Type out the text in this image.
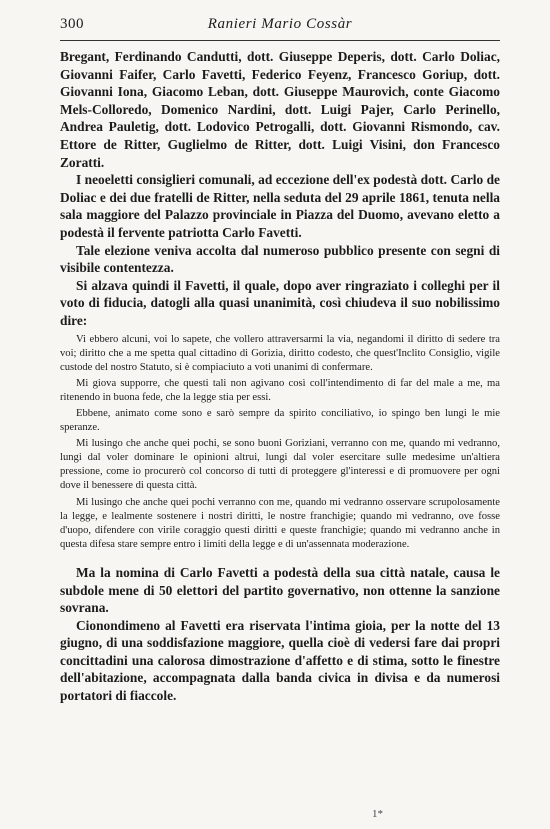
300	Ranieri Mario Cossàr

Bregant, Ferdinando Candutti, dott. Giuseppe Deperis, dott. Carlo Doliac, Giovanni Faifer, Carlo Favetti, Federico Feyenz, Francesco Goriup, dott. Giovanni Iona, Giacomo Leban, dott. Giuseppe Maurovich, conte Giacomo Mels-Colloredo, Domenico Nardini, dott. Luigi Pajer, Carlo Perinello, Andrea Pauletig, dott. Lodovico Petrogalli, dott. Giovanni Rismondo, cav. Ettore de Ritter, Guglielmo de Ritter, dott. Luigi Visini, don Francesco Zoratti.

I neoeletti consiglieri comunali, ad eccezione dell'ex podestà dott. Carlo de Doliac e dei due fratelli de Ritter, nella seduta del 29 aprile 1861, tenuta nella sala maggiore del Palazzo provinciale in Piazza del Duomo, avevano eletto a podestà il fervente patriotta Carlo Favetti.

Tale elezione veniva accolta dal numeroso pubblico presente con segni di visibile contentezza.

Si alzava quindi il Favetti, il quale, dopo aver ringraziato i colleghi per il voto di fiducia, datogli alla quasi unanimità, così chiudeva il suo nobilissimo dire:

Vi ebbero alcuni, voi lo sapete, che vollero attraversarmi la via, negandomi il diritto di sedere tra voi; diritto che a me spetta qual cittadino di Gorizia, diritto codesto, che quest'Inclito Consiglio, vigile custode del nostro Statuto, si è compiaciuto a voti unanimi di confermare.

Mi giova supporre, che questi tali non agivano così coll'intendimento di far del male a me, ma ritenendo in buona fede, che la legge stia per essi.

Ebbene, animato come sono e sarò sempre da spirito conciliativo, io spingo ben lungi le mie speranze.

Mi lusingo che anche quei pochi, se sono buoni Goriziani, verranno con me, quando mi vedranno, lungi dal voler dominare le opinioni altrui, lungi dal voler esercitare sulle medesime un'altiera pressione, come io procurerò col concorso di tutti di proteggere gl'interessi e di promuovere per ogni dove il benessere di questa città.

Mi lusingo che anche quei pochi verranno con me, quando mi vedranno osservare scrupolosamente la legge, e lealmente sostenere i nostri diritti, le nostre franchigie; quando mi vedranno, ove fosse d'uopo, difendere con virile coraggio questi diritti e queste franchigie; quando mi vedranno anche in questa difesa stare sempre entro i limiti della legge e di un'assennata moderazione.

Ma la nomina di Carlo Favetti a podestà della sua città natale, causa le subdole mene di 50 elettori del partito governativo, non ottenne la sanzione sovrana.

Cionondimeno al Favetti era riservata l'intima gioia, per la notte del 13 giugno, di una soddisfazione maggiore, quella cioè di vedersi fare dai propri concittadini una calorosa dimostrazione d'affetto e di stima, sotto le finestre dell'abitazione, accompagnata dalla banda civica in divisa e da numerosi portatori di fiaccole.

1*
